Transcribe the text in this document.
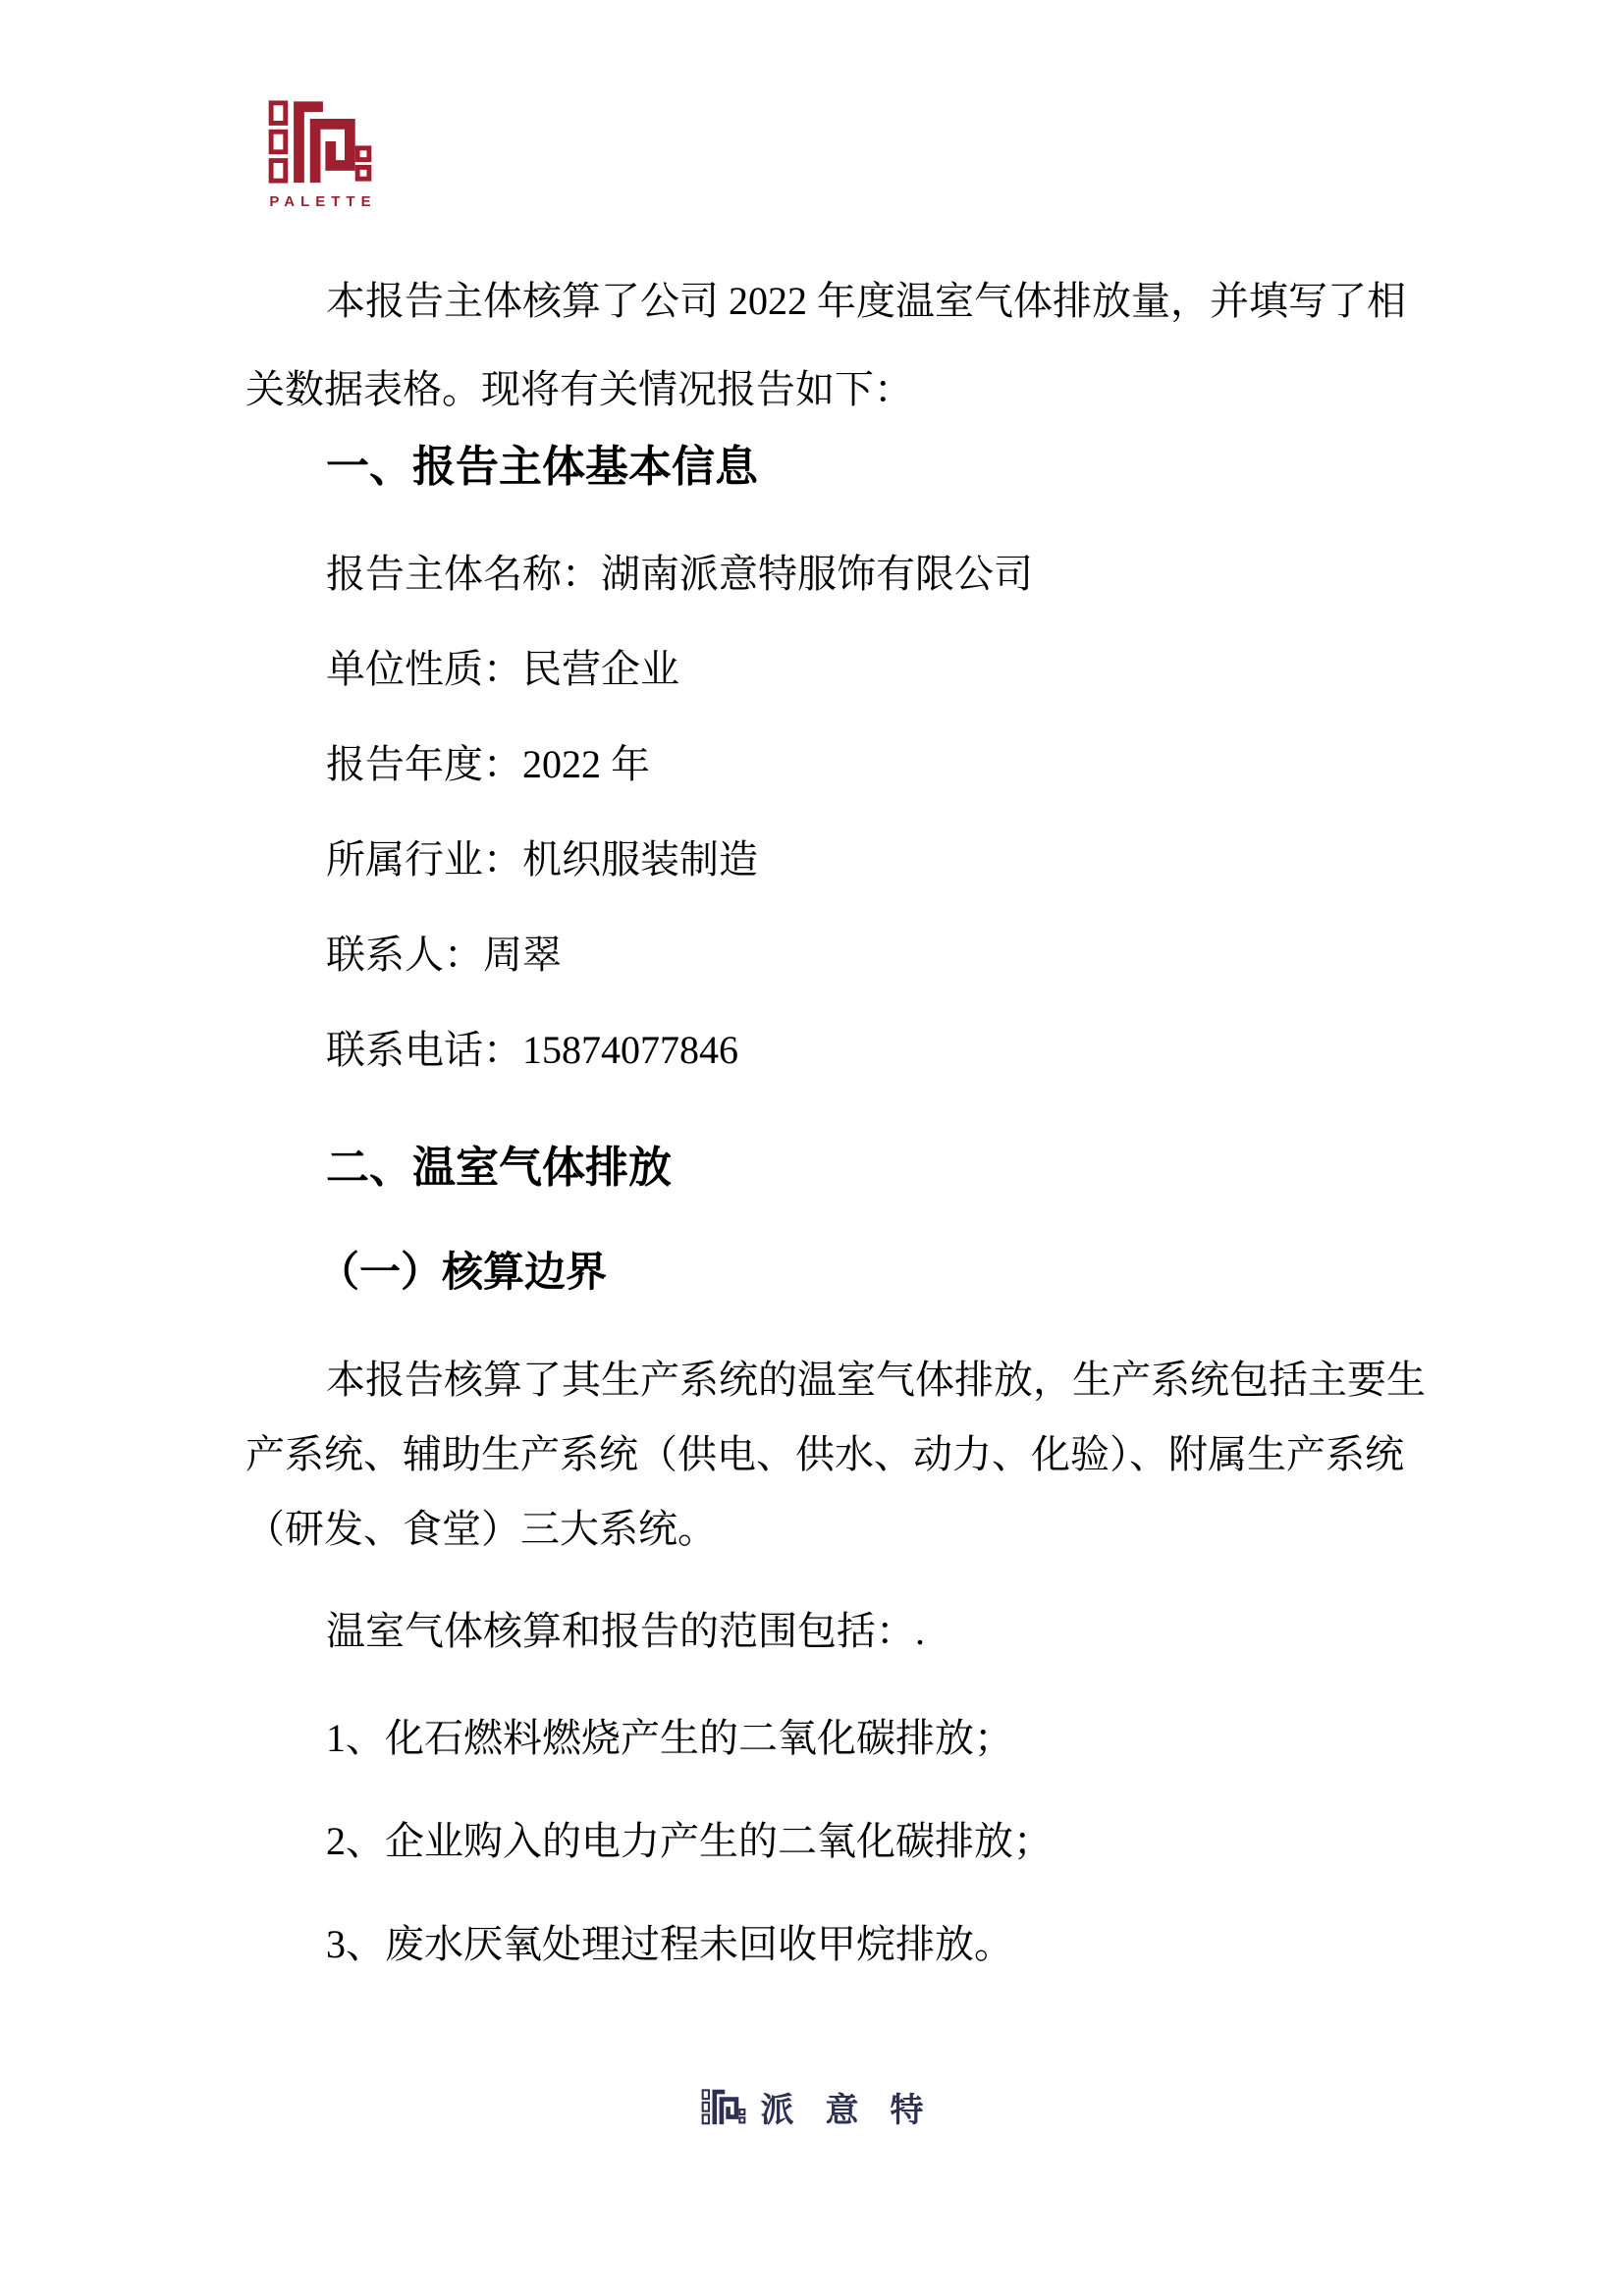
PALETTE
本报告主体核算了公司 2022 年度温室气体排放量，并填写了相
关数据表格。现将有关情况报告如下：
一、报告主体基本信息
报告主体名称：湖南派意特服饰有限公司
单位性质：民营企业
报告年度：2022 年
所属行业：机织服装制造
联系人：周翠
联系电话：15874077846
二、温室气体排放
（一）核算边界
本报告核算了其生产系统的温室气体排放，生产系统包括主要生
产系统、辅助生产系统（供电、供水、动力、化验）、附属生产系统
（研发、食堂）三大系统。
温室气体核算和报告的范围包括：.
1、化石燃料燃烧产生的二氧化碳排放；
2、企业购入的电力产生的二氧化碳排放；
3、废水厌氧处理过程未回收甲烷排放。
派意特
